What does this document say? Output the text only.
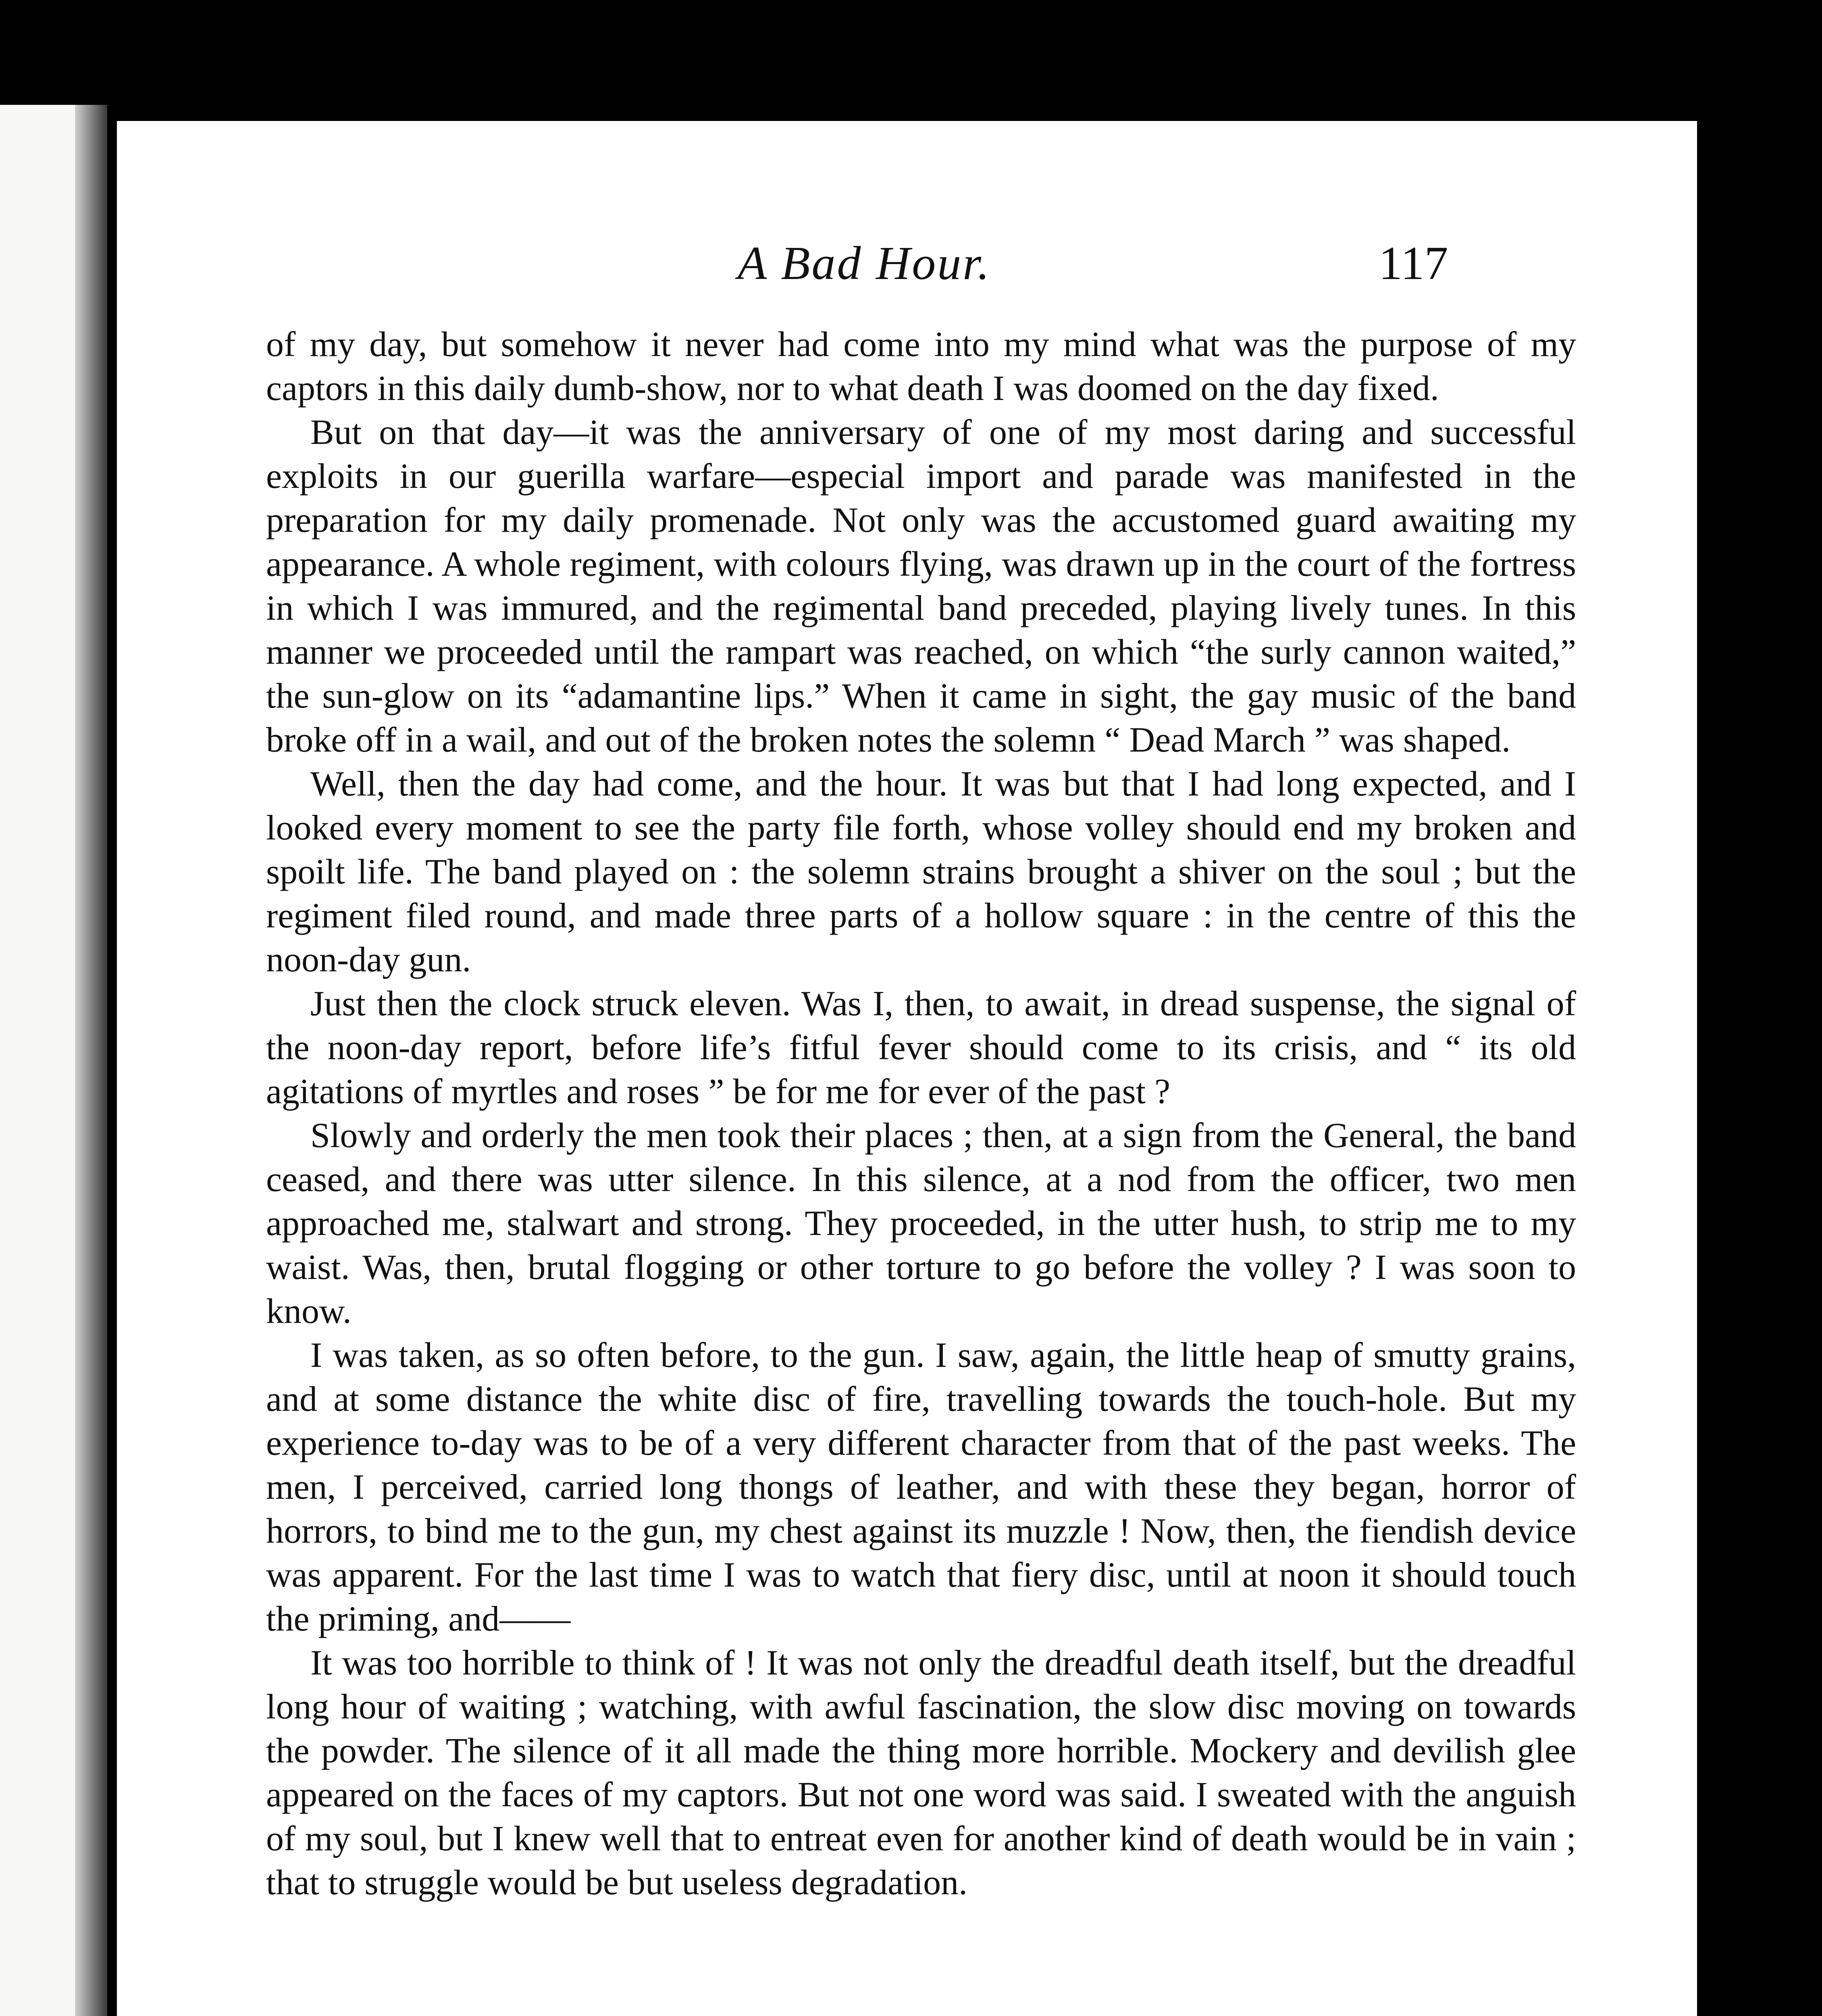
A Bad Hour.	117

of my day, but somehow it never had come into my mind what was the purpose of my captors in this daily dumb-show, nor to what death I was doomed on the day fixed.

But on that day—it was the anniversary of one of my most daring and successful exploits in our guerilla warfare—especial import and parade was manifested in the preparation for my daily promenade. Not only was the accustomed guard awaiting my appearance. A whole regiment, with colours flying, was drawn up in the court of the fortress in which I was immured, and the regimental band preceded, playing lively tunes. In this manner we proceeded until the rampart was reached, on which “the surly cannon waited,” the sun-glow on its “adamantine lips.” When it came in sight, the gay music of the band broke off in a wail, and out of the broken notes the solemn “ Dead March ” was shaped.

Well, then the day had come, and the hour. It was but that I had long expected, and I looked every moment to see the party file forth, whose volley should end my broken and spoilt life. The band played on : the solemn strains brought a shiver on the soul ; but the regiment filed round, and made three parts of a hollow square : in the centre of this the noon-day gun.

Just then the clock struck eleven. Was I, then, to await, in dread suspense, the signal of the noon-day report, before life’s fitful fever should come to its crisis, and “ its old agitations of myrtles and roses ” be for me for ever of the past ?

Slowly and orderly the men took their places ; then, at a sign from the General, the band ceased, and there was utter silence. In this silence, at a nod from the officer, two men approached me, stalwart and strong. They proceeded, in the utter hush, to strip me to my waist. Was, then, brutal flogging or other torture to go before the volley ? I was soon to know.

I was taken, as so often before, to the gun. I saw, again, the little heap of smutty grains, and at some distance the white disc of fire, travelling towards the touch-hole. But my experience to-day was to be of a very different character from that of the past weeks. The men, I perceived, carried long thongs of leather, and with these they began, horror of horrors, to bind me to the gun, my chest against its muzzle ! Now, then, the fiendish device was apparent. For the last time I was to watch that fiery disc, until at noon it should touch the priming, and——

It was too horrible to think of ! It was not only the dreadful death itself, but the dreadful long hour of waiting ; watching, with awful fascination, the slow disc moving on towards the powder. The silence of it all made the thing more horrible. Mockery and devilish glee appeared on the faces of my captors. But not one word was said. I sweated with the anguish of my soul, but I knew well that to entreat even for another kind of death would be in vain ; that to struggle would be but useless degradation.
